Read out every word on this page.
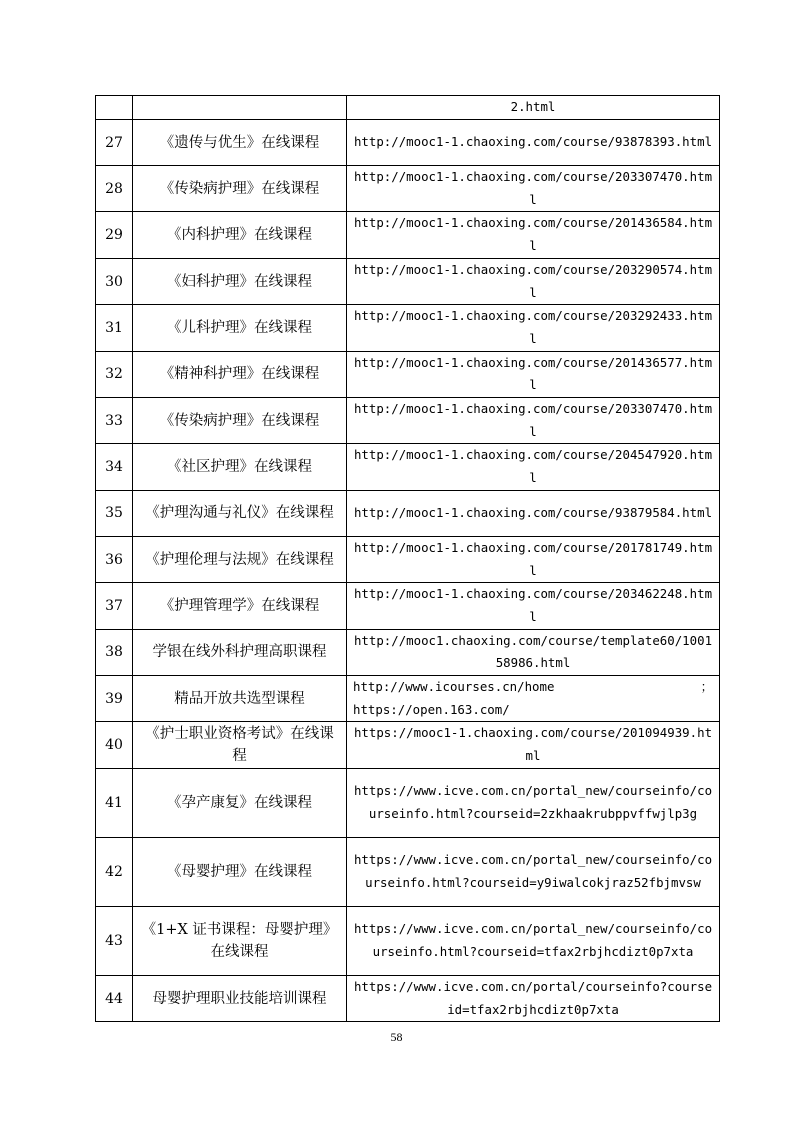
		2.html
27	《遗传与优生》在线课程	http://mooc1-1.chaoxing.com/course/93878393.html
28	《传染病护理》在线课程	http://mooc1-1.chaoxing.com/course/203307470.html
29	《内科护理》在线课程	http://mooc1-1.chaoxing.com/course/201436584.html
30	《妇科护理》在线课程	http://mooc1-1.chaoxing.com/course/203290574.html
31	《儿科护理》在线课程	http://mooc1-1.chaoxing.com/course/203292433.html
32	《精神科护理》在线课程	http://mooc1-1.chaoxing.com/course/201436577.html
33	《传染病护理》在线课程	http://mooc1-1.chaoxing.com/course/203307470.html
34	《社区护理》在线课程	http://mooc1-1.chaoxing.com/course/204547920.html
35	《护理沟通与礼仪》在线课程	http://mooc1-1.chaoxing.com/course/93879584.html
36	《护理伦理与法规》在线课程	http://mooc1-1.chaoxing.com/course/201781749.html
37	《护理管理学》在线课程	http://mooc1-1.chaoxing.com/course/203462248.html
38	学银在线外科护理高职课程	http://mooc1.chaoxing.com/course/template60/100158986.html
39	精品开放共选型课程	http://www.icourses.cn/home ；
https://open.163.com/

40	《护士职业资格考试》在线课程	https://mooc1-1.chaoxing.com/course/201094939.html
41	《孕产康复》在线课程	https://www.icve.com.cn/portal_new/courseinfo/courseinfo.html?courseid=2zkhaakrubppvffwjlp3g
42	《母婴护理》在线课程	https://www.icve.com.cn/portal_new/courseinfo/courseinfo.html?courseid=y9iwalcokjraz52fbjmvsw
43	《1+X 证书课程：母婴护理》在线课程	https://www.icve.com.cn/portal_new/courseinfo/courseinfo.html?courseid=tfax2rbjhcdizt0p7xta
44	母婴护理职业技能培训课程	https://www.icve.com.cn/portal/courseinfo?courseid=tfax2rbjhcdizt0p7xta
58
